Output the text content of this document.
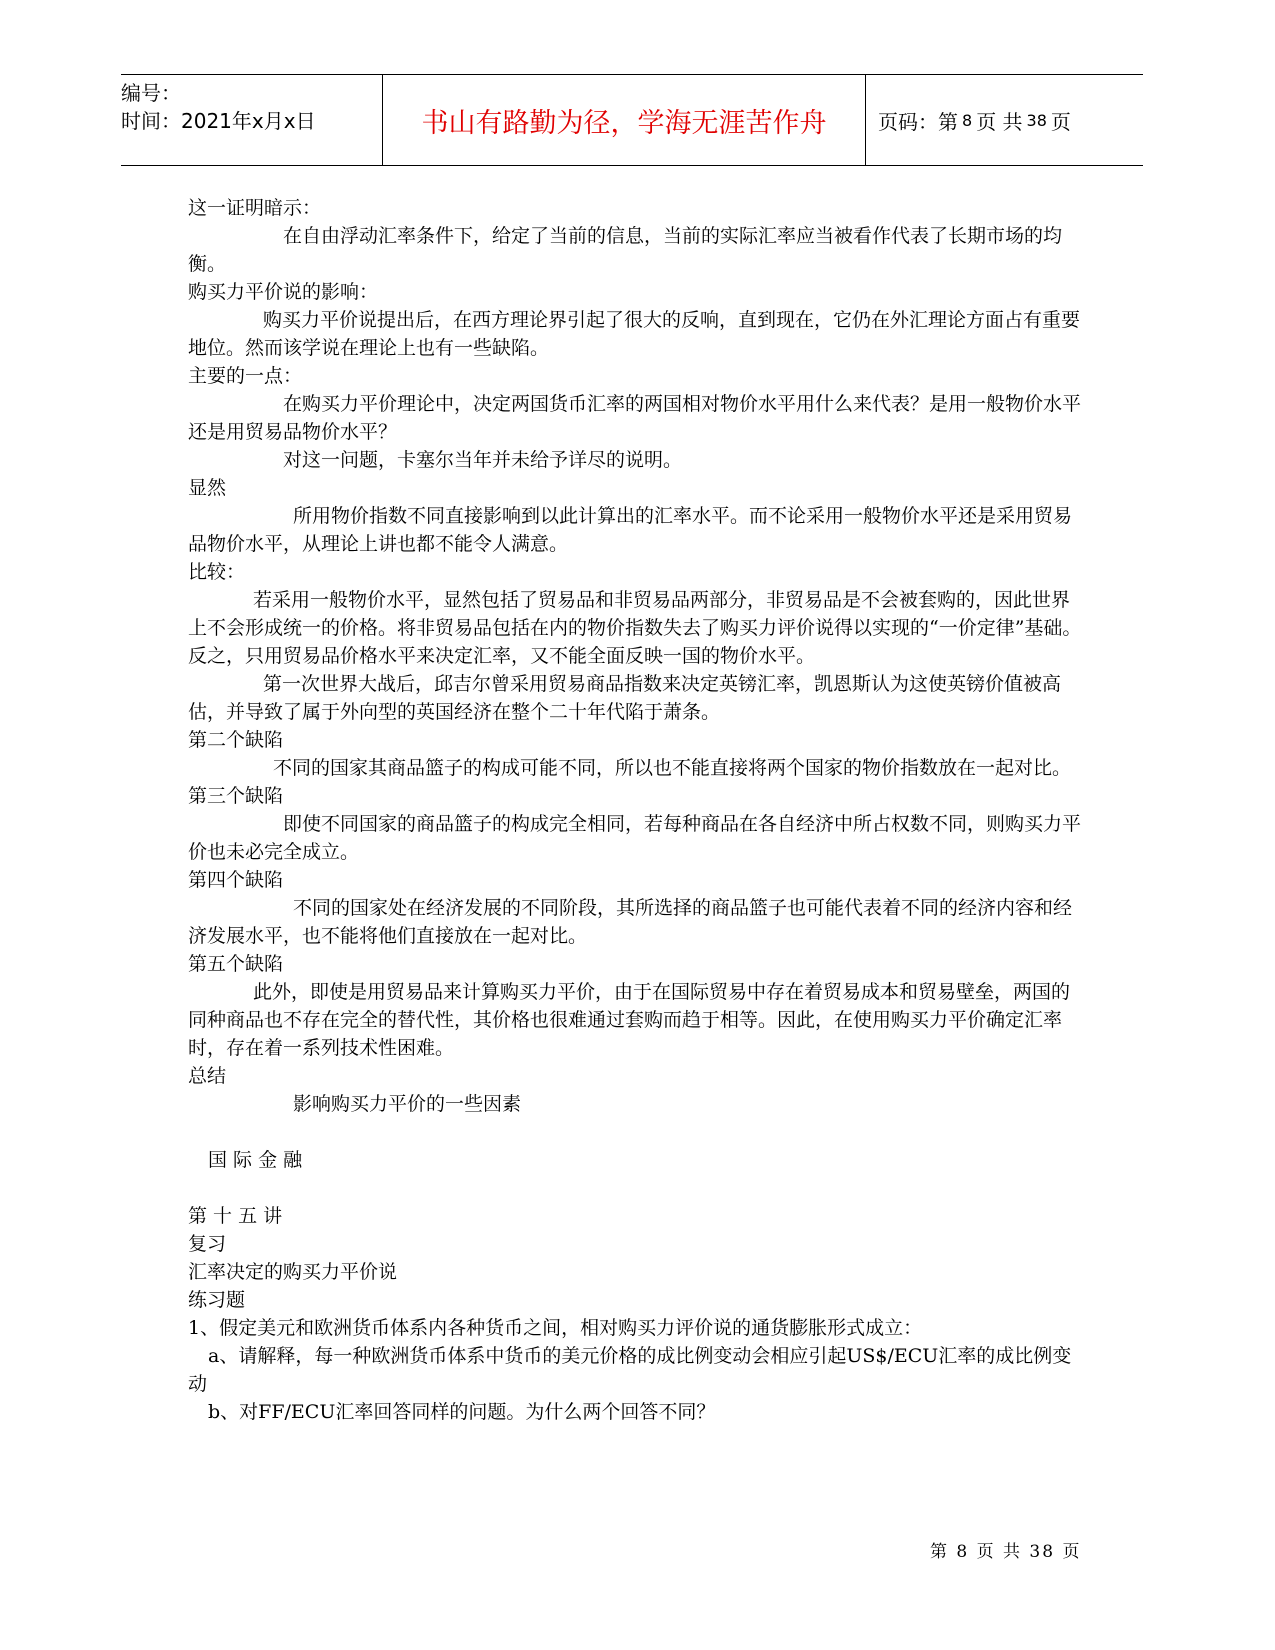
编号：
时间：2021年x月x日	书山有路勤为径，学海无涯苦作舟	页码：第 8 页 共 38 页

这一证明暗示：

在自由浮动汇率条件下，给定了当前的信息，当前的实际汇率应当被看作代表了长期市场的均衡。

购买力平价说的影响：

购买力平价说提出后，在西方理论界引起了很大的反响，直到现在，它仍在外汇理论方面占有重要地位。然而该学说在理论上也有一些缺陷。

主要的一点：

在购买力平价理论中，决定两国货币汇率的两国相对物价水平用什么来代表？是用一般物价水平还是用贸易品物价水平？

对这一问题，卡塞尔当年并未给予详尽的说明。

显然

所用物价指数不同直接影响到以此计算出的汇率水平。而不论采用一般物价水平还是采用贸易品物价水平，从理论上讲也都不能令人满意。

比较：

若采用一般物价水平，显然包括了贸易品和非贸易品两部分，非贸易品是不会被套购的，因此世界上不会形成统一的价格。将非贸易品包括在内的物价指数失去了购买力评价说得以实现的“一价定律”基础。反之，只用贸易品价格水平来决定汇率，又不能全面反映一国的物价水平。

第一次世界大战后，邱吉尔曾采用贸易商品指数来决定英镑汇率，凯恩斯认为这使英镑价值被高估，并导致了属于外向型的英国经济在整个二十年代陷于萧条。

第二个缺陷

不同的国家其商品篮子的构成可能不同，所以也不能直接将两个国家的物价指数放在一起对比。

第三个缺陷

即使不同国家的商品篮子的构成完全相同，若每种商品在各自经济中所占权数不同，则购买力平价也未必完全成立。

第四个缺陷

不同的国家处在经济发展的不同阶段，其所选择的商品篮子也可能代表着不同的经济内容和经济发展水平，也不能将他们直接放在一起对比。

第五个缺陷

此外，即使是用贸易品来计算购买力平价，由于在国际贸易中存在着贸易成本和贸易壁垒，两国的同种商品也不存在完全的替代性，其价格也很难通过套购而趋于相等。因此，在使用购买力平价确定汇率时，存在着一系列技术性困难。

总结

影响购买力平价的一些因素

国 际 金 融

第 十 五 讲

复习

汇率决定的购买力平价说

练习题

1、假定美元和欧洲货币体系内各种货币之间，相对购买力评价说的通货膨胀形式成立：

a、请解释，每一种欧洲货币体系中货币的美元价格的成比例变动会相应引起US$/ECU汇率的成比例变动

b、对FF/ECU汇率回答同样的问题。为什么两个回答不同？

第 8 页 共 38 页
